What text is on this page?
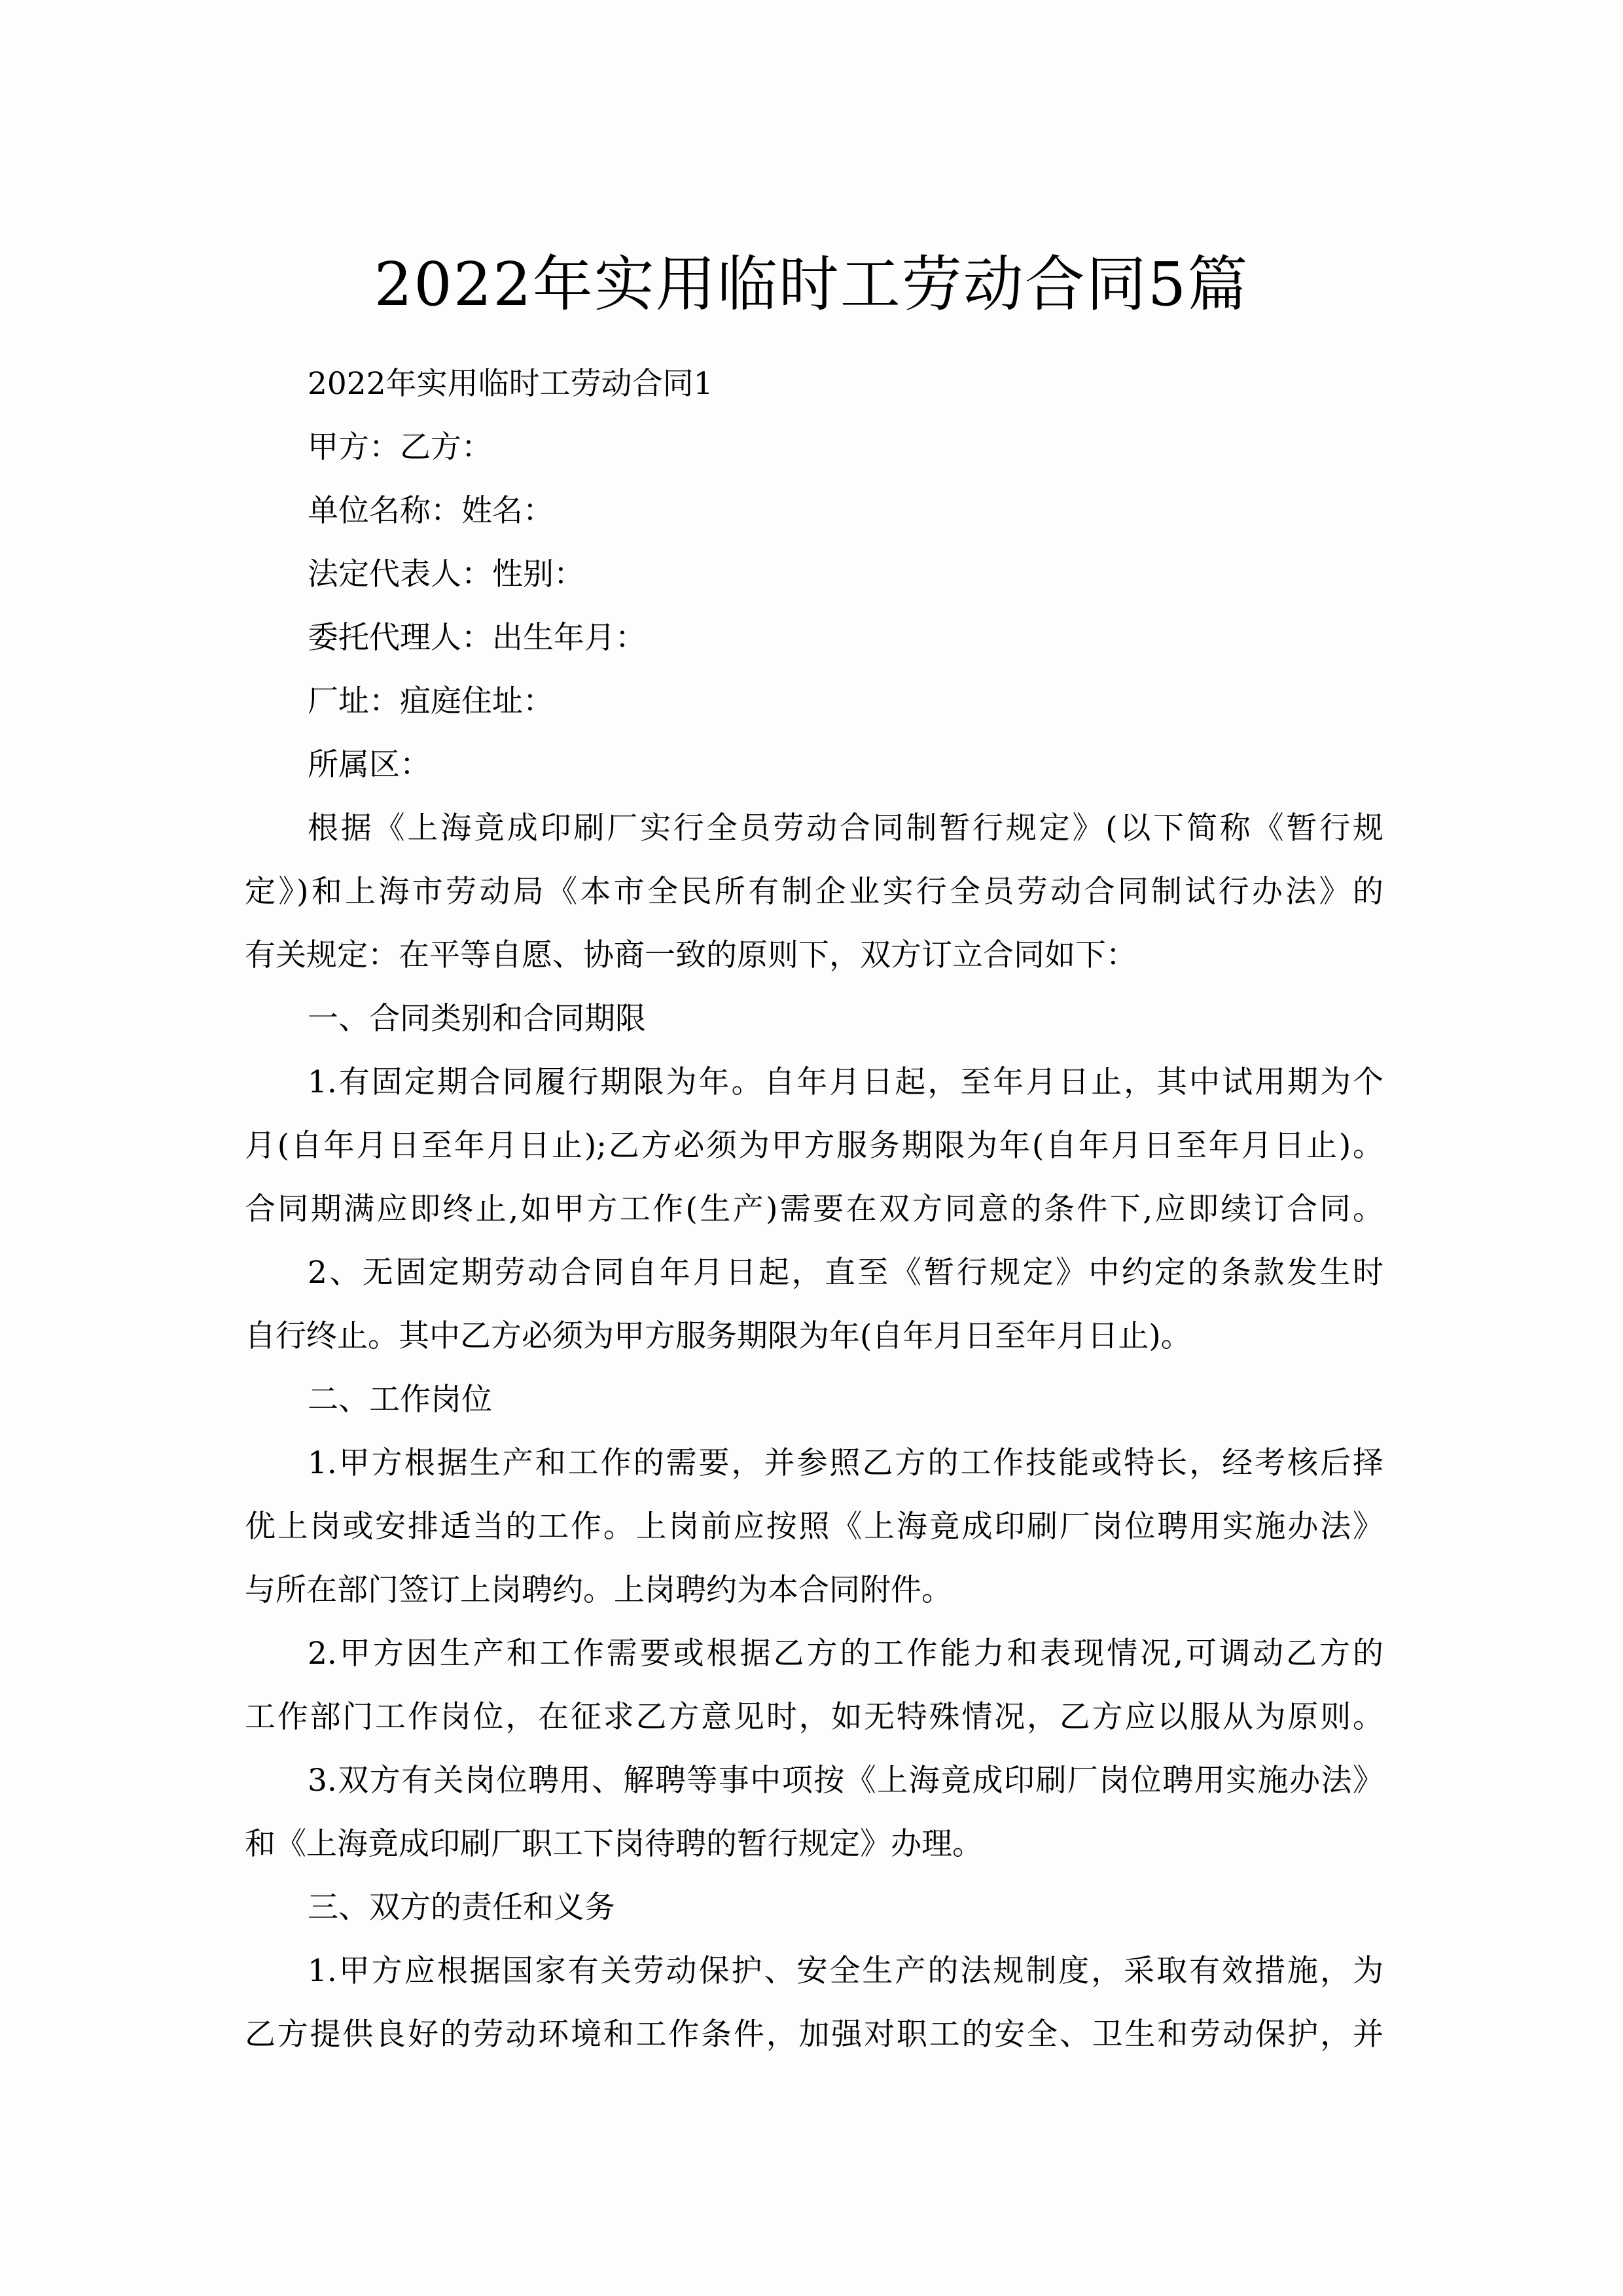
2022年实用临时工劳动合同5篇
2022年实用临时工劳动合同1
甲方：乙方：
单位名称：姓名：
法定代表人：性别：
委托代理人：出生年月：
厂址：疽庭住址：
所属区：
根据《上海竟成印刷厂实行全员劳动合同制暂行规定》(以下简称《暂行规
定》)和上海市劳动局《本市全民所有制企业实行全员劳动合同制试行办法》的
有关规定：在平等自愿、协商一致的原则下，双方订立合同如下：
一、合同类别和合同期限
1.有固定期合同履行期限为年。自年月日起，至年月日止，其中试用期为个
月(自年月日至年月日止);乙方必须为甲方服务期限为年(自年月日至年月日止)。
合同期满应即终止,如甲方工作(生产)需要在双方同意的条件下,应即续订合同。
2、无固定期劳动合同自年月日起，直至《暂行规定》中约定的条款发生时
自行终止。其中乙方必须为甲方服务期限为年(自年月日至年月日止)。
二、工作岗位
1.甲方根据生产和工作的需要，并参照乙方的工作技能或特长，经考核后择
优上岗或安排适当的工作。上岗前应按照《上海竟成印刷厂岗位聘用实施办法》
与所在部门签订上岗聘约。上岗聘约为本合同附件。
2.甲方因生产和工作需要或根据乙方的工作能力和表现情况,可调动乙方的
工作部门工作岗位，在征求乙方意见时，如无特殊情况，乙方应以服从为原则。
3.双方有关岗位聘用、解聘等事中项按《上海竟成印刷厂岗位聘用实施办法》
和《上海竟成印刷厂职工下岗待聘的暂行规定》办理。
三、双方的责任和义务
1.甲方应根据国家有关劳动保护、安全生产的法规制度，采取有效措施，为
乙方提供良好的劳动环境和工作条件，加强对职工的安全、卫生和劳动保护，并
